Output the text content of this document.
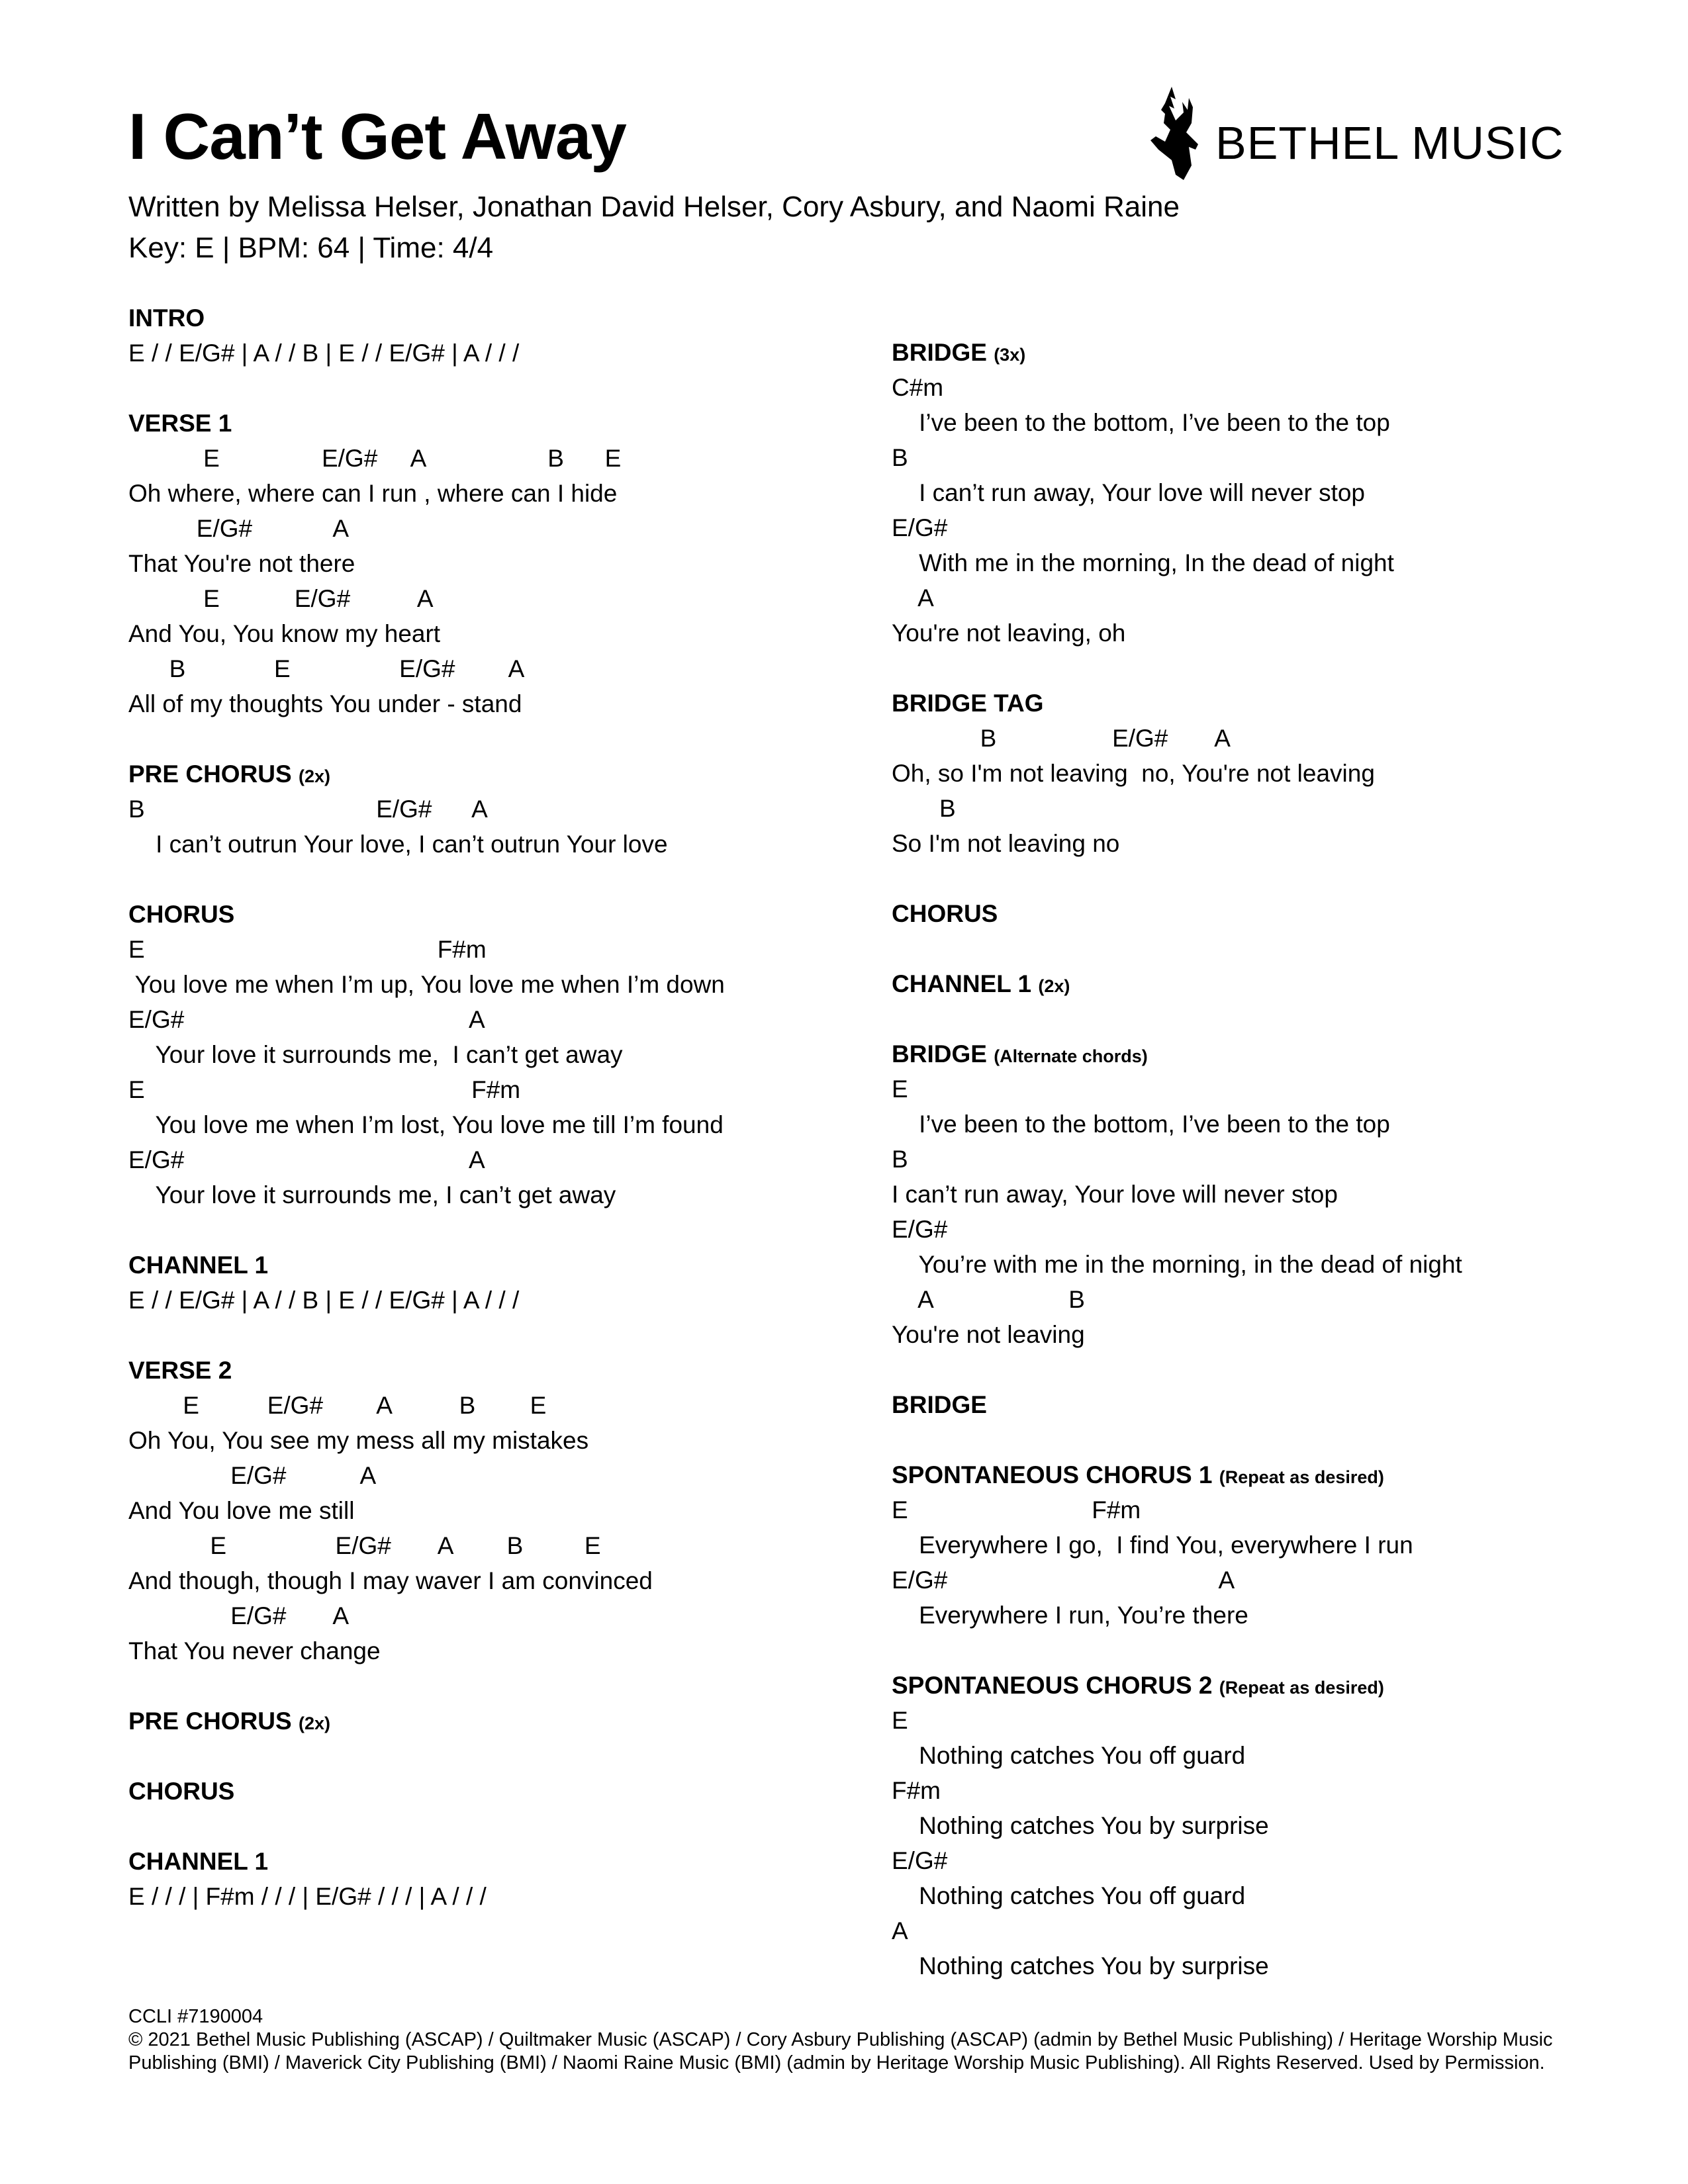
I Can’t Get Away
Written by Melissa Helser, Jonathan David Helser, Cory Asbury, and Naomi Raine
Key: E | BPM: 64 | Time: 4/4
BETHEL MUSIC
INTRO
E / / E/G# | A / / B | E / / E/G# | A / / /
VERSE 1
E               E/G#     A                  B      E
Oh where, where can I run , where can I hide
E/G#            A
That You're not there
E           E/G#          A
And You, You know my heart
B             E                E/G#        A
All of my thoughts You under - stand
PRE CHORUS (2x)
B                                  E/G#      A
I can’t outrun Your love, I can’t outrun Your love
CHORUS
E                                           F#m
You love me when I’m up, You love me when I’m down
E/G#                                          A
Your love it surrounds me,  I can’t get away
E                                                F#m
You love me when I’m lost, You love me till I’m found
E/G#                                          A
Your love it surrounds me, I can’t get away
CHANNEL 1
E / / E/G# | A / / B | E / / E/G# | A / / /
VERSE 2
E          E/G#        A          B        E
Oh You, You see my mess all my mistakes
E/G#           A
And You love me still
E                E/G#       A        B         E
And though, though I may waver I am convinced
E/G#       A
That You never change
PRE CHORUS (2x)
CHORUS
CHANNEL 1
E / / / | F#m / / / | E/G# / / / | A / / /
BRIDGE (3x)
C#m
I’ve been to the bottom, I’ve been to the top
B
I can’t run away, Your love will never stop
E/G#
With me in the morning, In the dead of night
A
You're not leaving, oh
BRIDGE TAG
B                 E/G#       A
Oh, so I'm not leaving  no, You're not leaving
B
So I'm not leaving no
CHORUS
CHANNEL 1 (2x)
BRIDGE (Alternate chords)
E
I’ve been to the bottom, I’ve been to the top
B
I can’t run away, Your love will never stop
E/G#
You’re with me in the morning, in the dead of night
A                    B
You're not leaving
BRIDGE
SPONTANEOUS CHORUS 1 (Repeat as desired)
E                           F#m
Everywhere I go,  I find You, everywhere I run
E/G#                                        A
Everywhere I run, You’re there
SPONTANEOUS CHORUS 2 (Repeat as desired)
E
Nothing catches You off guard
F#m
Nothing catches You by surprise
E/G#
Nothing catches You off guard
A
Nothing catches You by surprise
CCLI #7190004
© 2021 Bethel Music Publishing (ASCAP) / Quiltmaker Music (ASCAP) / Cory Asbury Publishing (ASCAP) (admin by Bethel Music Publishing) / Heritage Worship Music Publishing (BMI) / Maverick City Publishing (BMI) / Naomi Raine Music (BMI) (admin by Heritage Worship Music Publishing). All Rights Reserved. Used by Permission.
